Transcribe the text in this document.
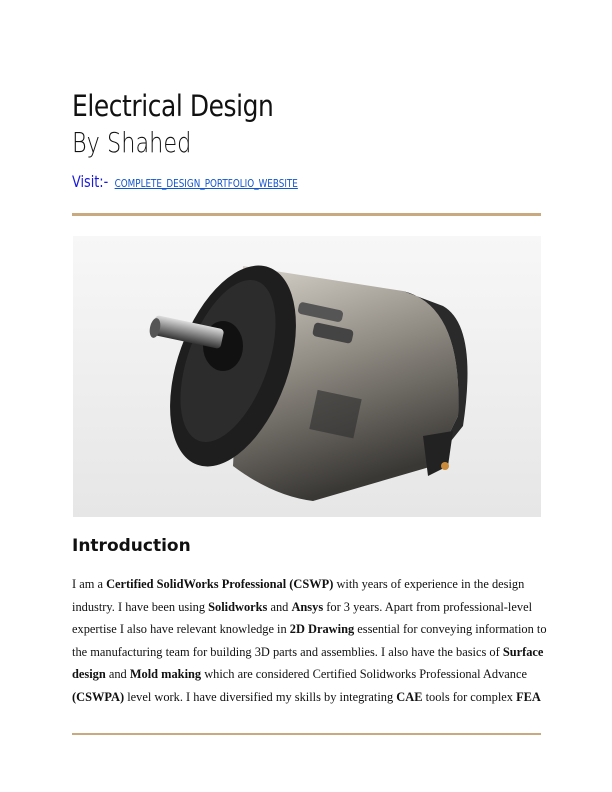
Electrical Design
By Shahed
Visit:- COMPLETE_DESIGN_PORTFOLIO_WEBSITE
Introduction
I am a Certified SolidWorks Professional (CSWP) with years of experience in the design
industry. I have been using Solidworks and Ansys for 3 years. Apart from professional-level
expertise I also have relevant knowledge in 2D Drawing essential for conveying information to
the manufacturing team for building 3D parts and assemblies. I also have the basics of Surface
design and Mold making which are considered Certified Solidworks Professional Advance
(CSWPA) level work. I have diversified my skills by integrating CAE tools for complex FEA
